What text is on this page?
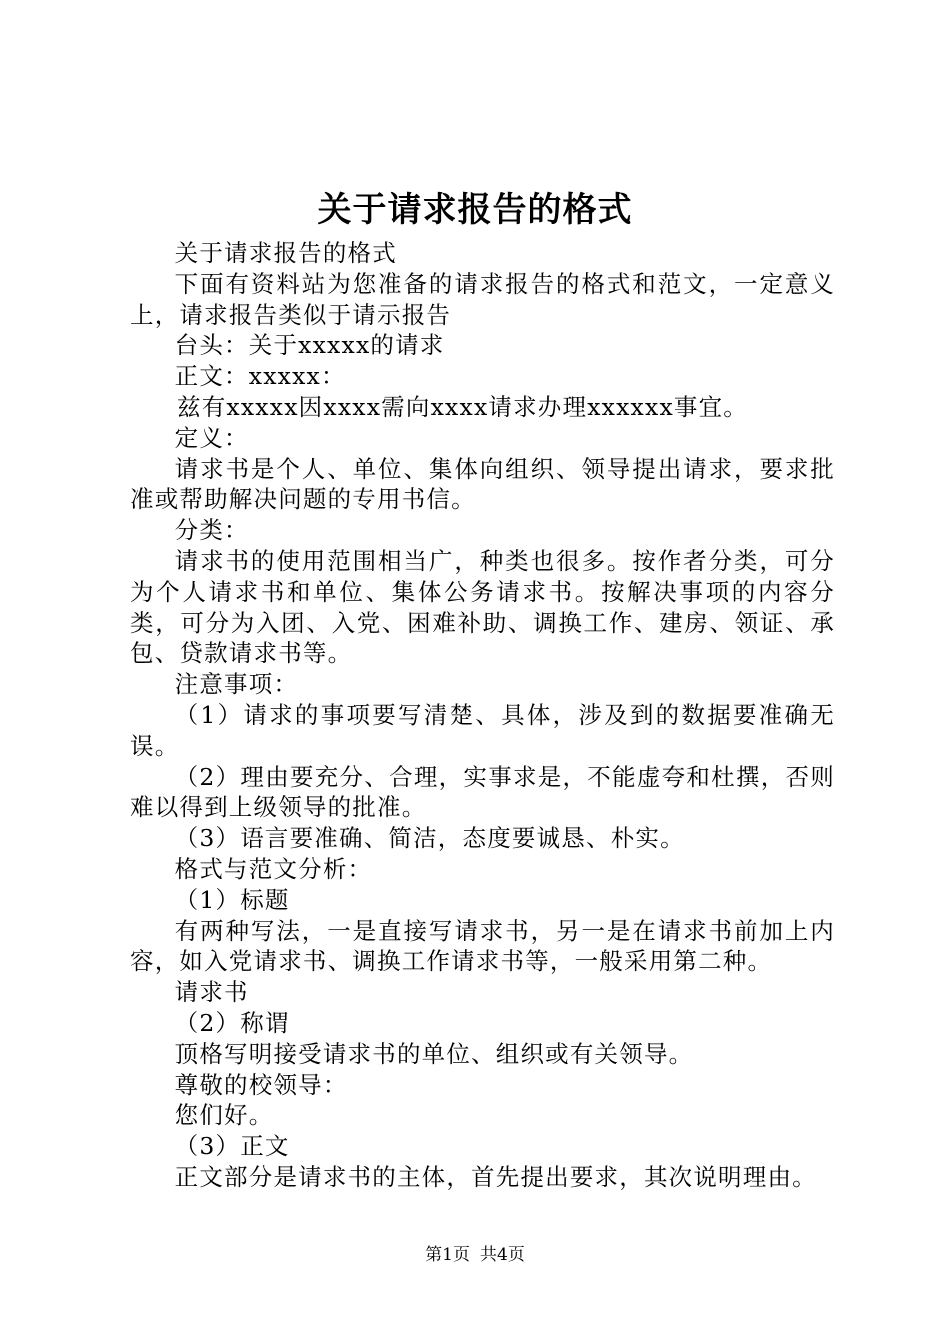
关于请求报告的格式

关于请求报告的格式

下面有资料站为您准备的请求报告的格式和范文，一定意义上，请求报告类似于请示报告

台头：关于xxxxx的请求

正文：xxxxx：

兹有xxxxx因xxxx需向xxxx请求办理xxxxxx事宜。

定义：

请求书是个人、单位、集体向组织、领导提出请求，要求批准或帮助解决问题的专用书信。

分类：

请求书的使用范围相当广，种类也很多。按作者分类，可分为个人请求书和单位、集体公务请求书。按解决事项的内容分类，可分为入团、入党、困难补助、调换工作、建房、领证、承包、贷款请求书等。

注意事项：

（1）请求的事项要写清楚、具体，涉及到的数据要准确无误。

（2）理由要充分、合理，实事求是，不能虚夸和杜撰，否则难以得到上级领导的批准。

（3）语言要准确、简洁，态度要诚恳、朴实。

格式与范文分析：

（1）标题

有两种写法，一是直接写请求书，另一是在请求书前加上内容，如入党请求书、调换工作请求书等，一般采用第二种。

请求书

（2）称谓

顶格写明接受请求书的单位、组织或有关领导。

尊敬的校领导：

您们好。

（3）正文

正文部分是请求书的主体，首先提出要求，其次说明理由。

第1页 共4页
